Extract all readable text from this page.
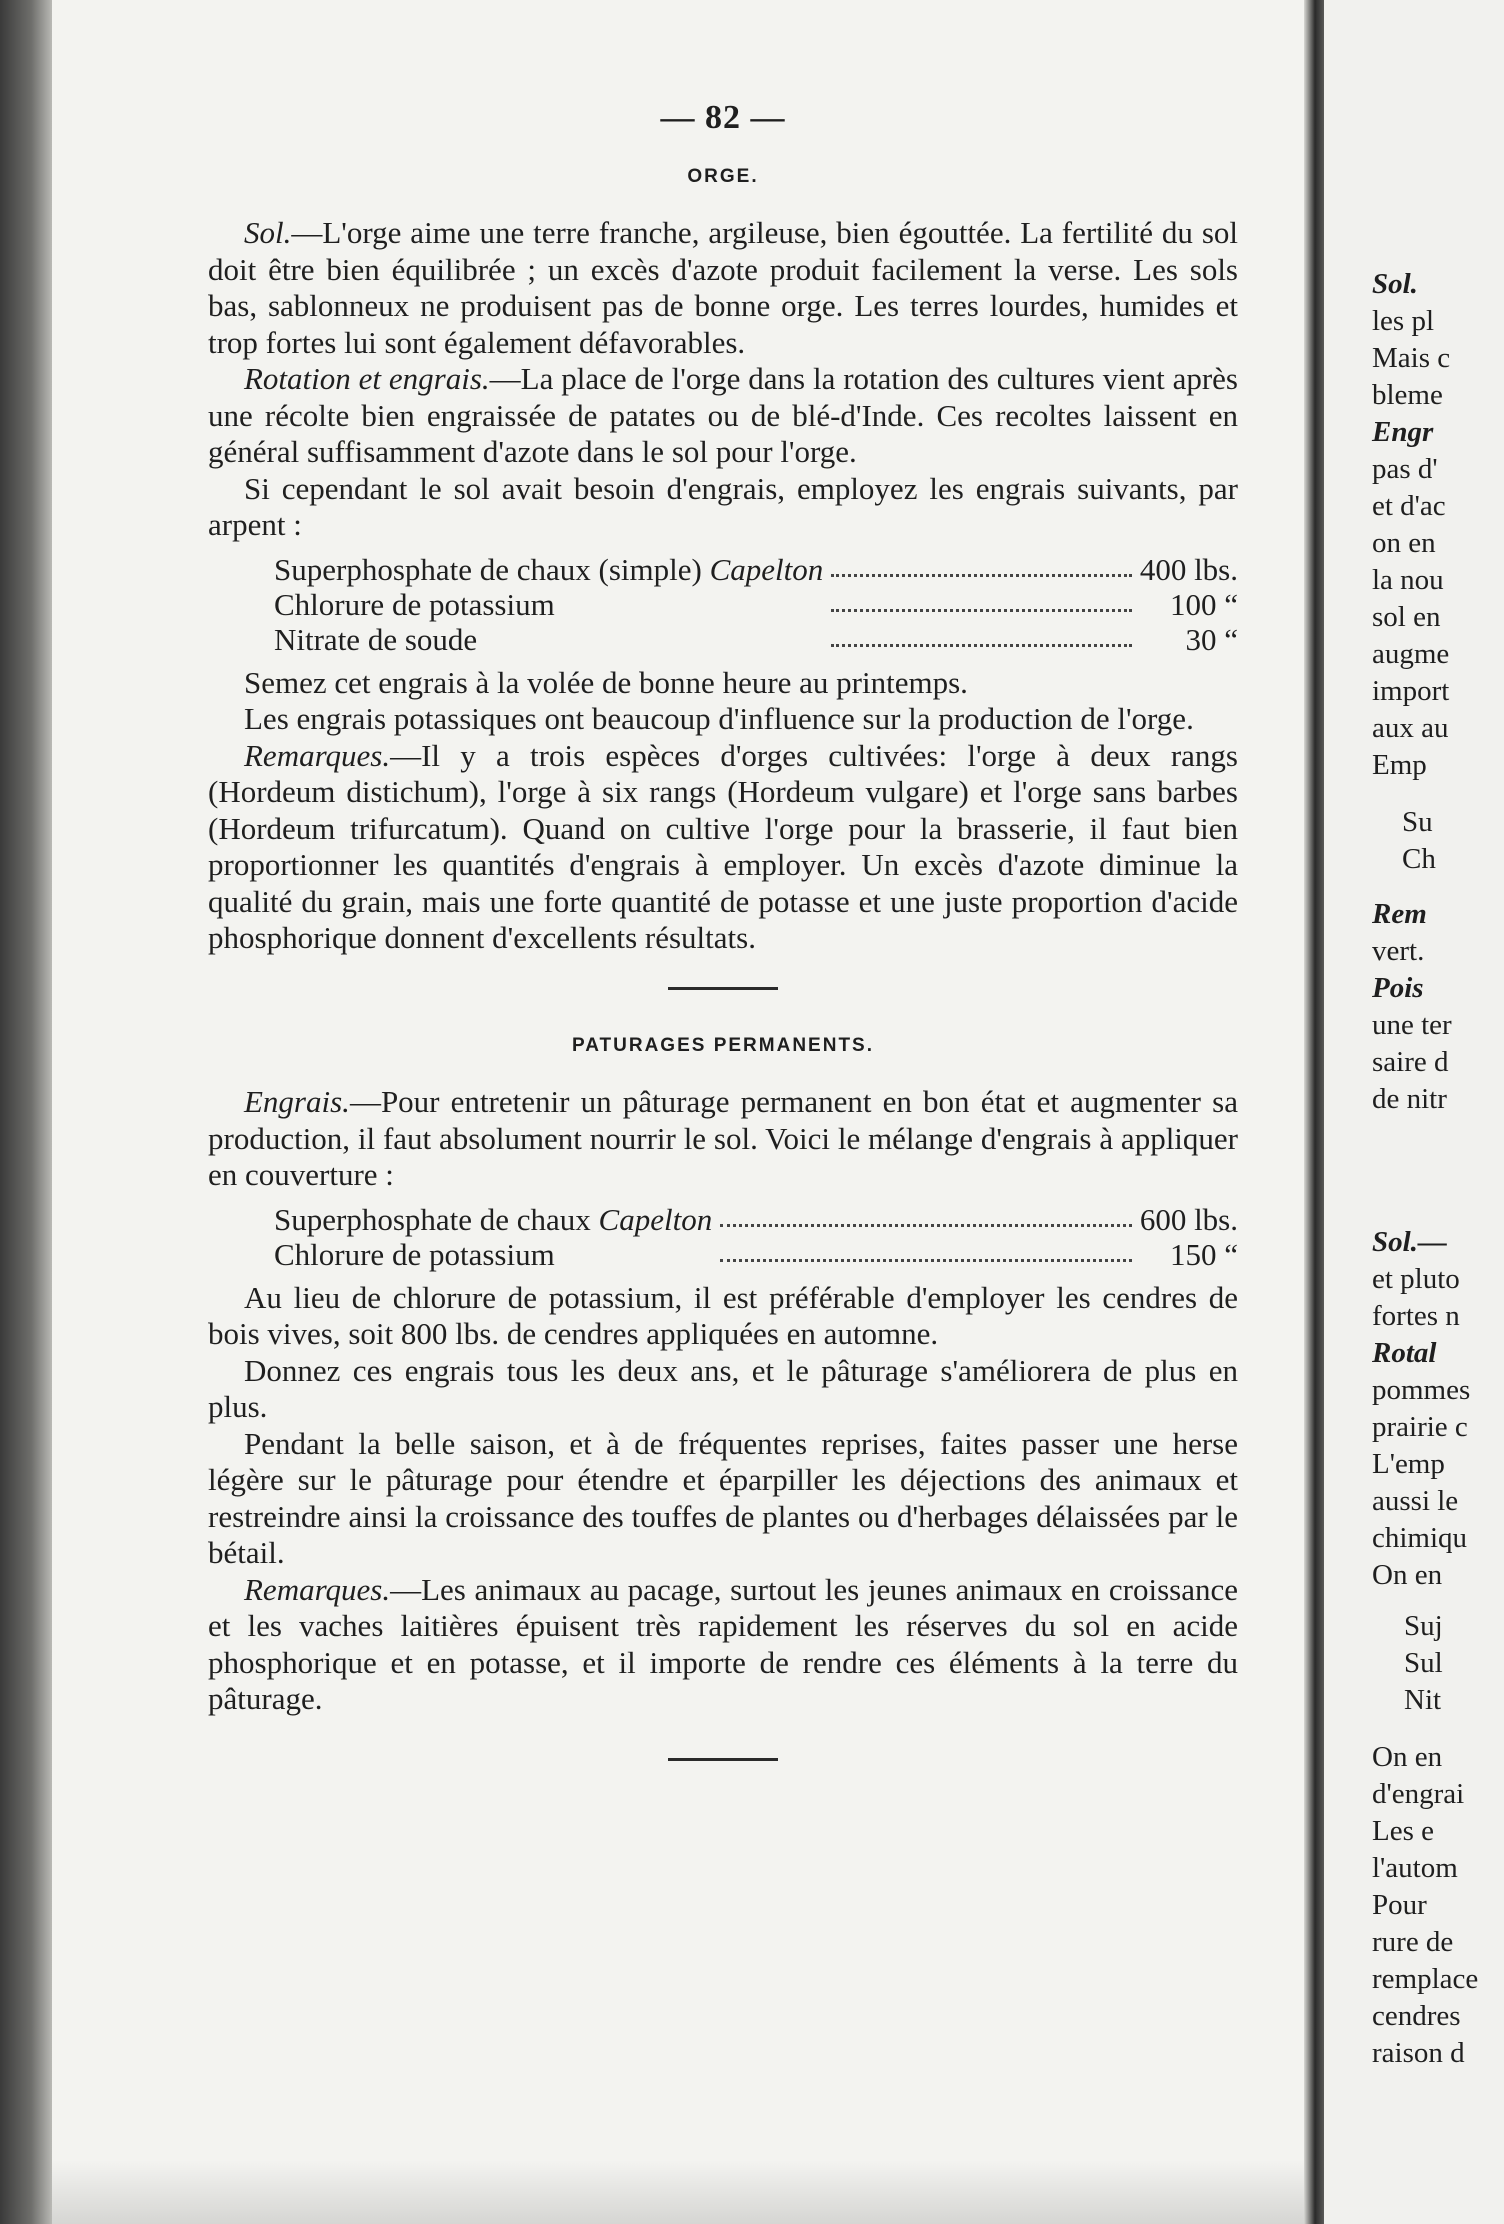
— 82 —
ORGE.

Sol.—L'orge aime une terre franche, argileuse, bien égouttée. La fertilité du sol doit être bien équilibrée ; un excès d'azote produit facilement la verse. Les sols bas, sablonneux ne produisent pas de bonne orge. Les terres lourdes, humides et trop fortes lui sont également défavorables.

Rotation et engrais.—La place de l'orge dans la rotation des cultures vient après une récolte bien engraissée de patates ou de blé-d'Inde. Ces recoltes laissent en général suffisamment d'azote dans le sol pour l'orge.

Si cependant le sol avait besoin d'engrais, employez les engrais suivants, par arpent :

Superphosphate de chaux (simple) Capelton		400 lbs.
Chlorure de potassium		100 “
Nitrate de soude		30 “

Semez cet engrais à la volée de bonne heure au printemps.

Les engrais potassiques ont beaucoup d'influence sur la production de l'orge.

Remarques.—Il y a trois espèces d'orges cultivées: l'orge à deux rangs (Hordeum distichum), l'orge à six rangs (Hordeum vulgare) et l'orge sans barbes (Hordeum trifurcatum). Quand on cultive l'orge pour la brasserie, il faut bien proportionner les quantités d'engrais à employer. Un excès d'azote diminue la qualité du grain, mais une forte quantité de potasse et une juste proportion d'acide phosphorique donnent d'excellents résultats.

PATURAGES PERMANENTS.

Engrais.—Pour entretenir un pâturage permanent en bon état et augmenter sa production, il faut absolument nourrir le sol. Voici le mélange d'engrais à appliquer en couverture :

Superphosphate de chaux Capelton		600 lbs.
Chlorure de potassium		150 “

Au lieu de chlorure de potassium, il est préférable d'employer les cendres de bois vives, soit 800 lbs. de cendres appliquées en automne.

Donnez ces engrais tous les deux ans, et le pâturage s'améliorera de plus en plus.

Pendant la belle saison, et à de fréquentes reprises, faites passer une herse légère sur le pâturage pour étendre et éparpiller les déjections des animaux et restreindre ainsi la croissance des touffes de plantes ou d'herbages délaissées par le bétail.

Remarques.—Les animaux au pacage, surtout les jeunes animaux en croissance et les vaches laitières épuisent très rapidement les réserves du sol en acide phosphorique et en potasse, et il importe de rendre ces éléments à la terre du pâturage.

Sol.
les pl
Mais c
bleme
Engr
pas d'
et d'ac
on en
la nou
sol en
augme
import
aux au
Emp
Su
Ch
Rem
vert.
Pois
une ter
saire d
de nitr
Sol.—
et pluto
fortes n
Rotal
pommes
prairie c
L'emp
aussi le
chimiqu
On en
Suj
Sul
Nit
On en
d'engrai
Les e
l'autom
Pour
rure de
remplace
cendres
raison d
